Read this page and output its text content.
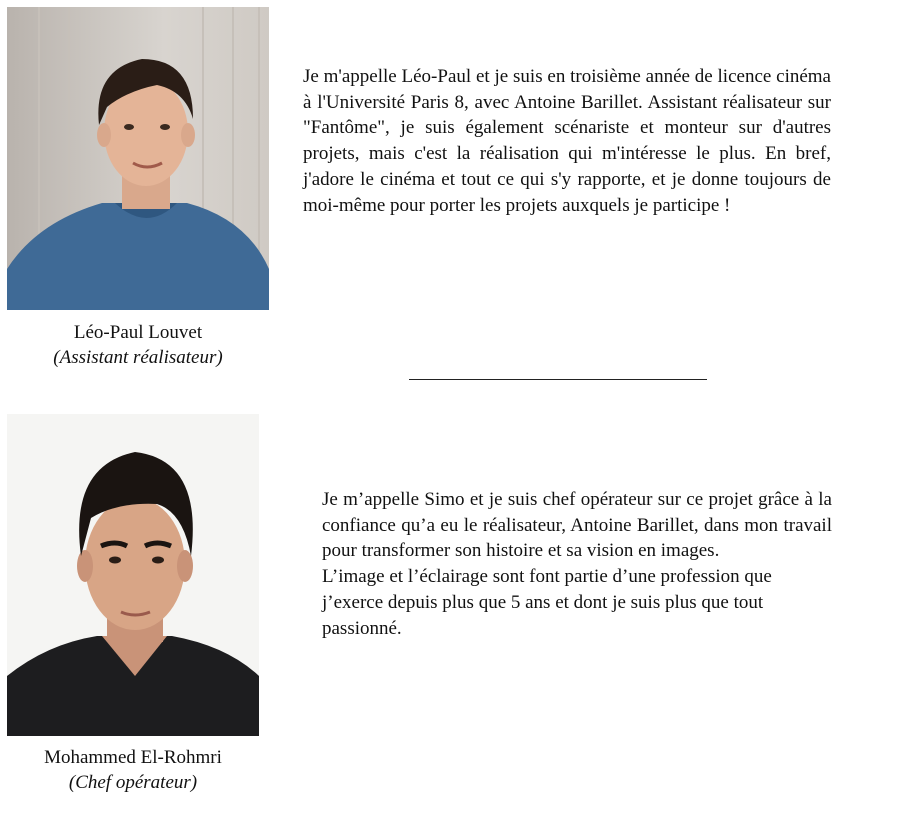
Léo-Paul Louvet
(Assistant réalisateur)
Je m'appelle Léo-Paul et je suis en troisième année de licence cinéma à l'Université Paris 8, avec Antoine Barillet. Assistant réalisateur sur "Fantôme", je suis également scénariste et monteur sur d'autres projets, mais c'est la réalisation qui m'intéresse le plus. En bref, j'adore le cinéma et tout ce qui s'y rapporte, et je donne toujours de moi-même pour porter les projets auxquels je participe !
Mohammed El-Rohmri
(Chef opérateur)

Je m’appelle Simo et je suis chef opérateur sur ce projet grâce à la confiance qu’a eu le réalisateur, Antoine Barillet, dans mon travail pour transformer son histoire et sa vision en images.

L’image et l’éclairage sont font partie d’une profession que j’exerce depuis plus que 5 ans et dont je suis plus que tout passionné.
